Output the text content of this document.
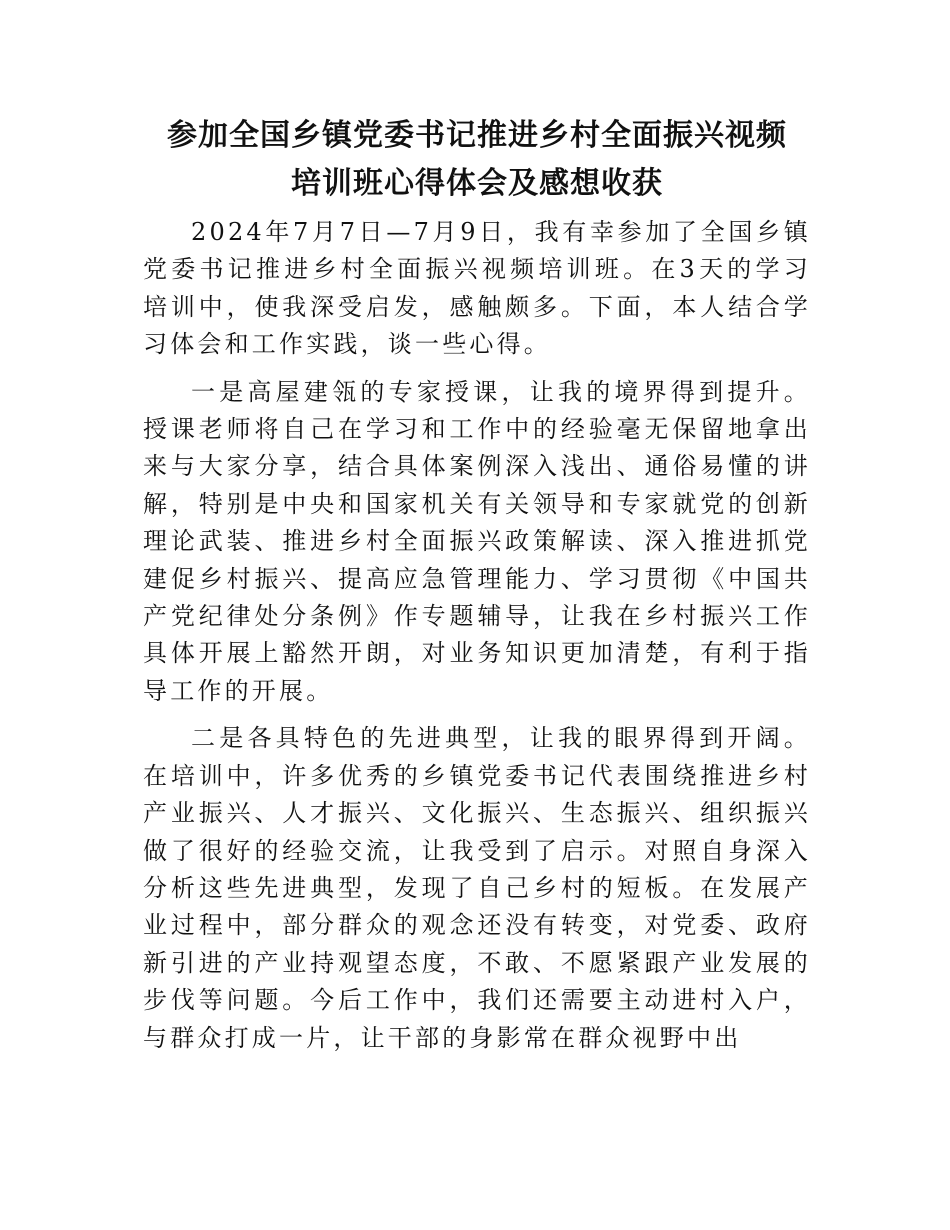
参加全国乡镇党委书记推进乡村全面振兴视频
培训班心得体会及感想收获

2024年7月7日—7月9日，我有幸参加了全国乡镇党委书记推进乡村全面振兴视频培训班。在3天的学习培训中，使我深受启发，感触颇多。下面，本人结合学习体会和工作实践，谈一些心得。

一是高屋建瓴的专家授课，让我的境界得到提升。授课老师将自己在学习和工作中的经验毫无保留地拿出来与大家分享，结合具体案例深入浅出、通俗易懂的讲解，特别是中央和国家机关有关领导和专家就党的创新理论武装、推进乡村全面振兴政策解读、深入推进抓党建促乡村振兴、提高应急管理能力、学习贯彻《中国共产党纪律处分条例》作专题辅导，让我在乡村振兴工作具体开展上豁然开朗，对业务知识更加清楚，有利于指导工作的开展。

二是各具特色的先进典型，让我的眼界得到开阔。在培训中，许多优秀的乡镇党委书记代表围绕推进乡村产业振兴、人才振兴、文化振兴、生态振兴、组织振兴做了很好的经验交流，让我受到了启示。对照自身深入分析这些先进典型，发现了自己乡村的短板。在发展产业过程中，部分群众的观念还没有转变，对党委、政府新引进的产业持观望态度，不敢、不愿紧跟产业发展的步伐等问题。今后工作中，我们还需要主动进村入户，与群众打成一片，让干部的身影常在群众视野中出
